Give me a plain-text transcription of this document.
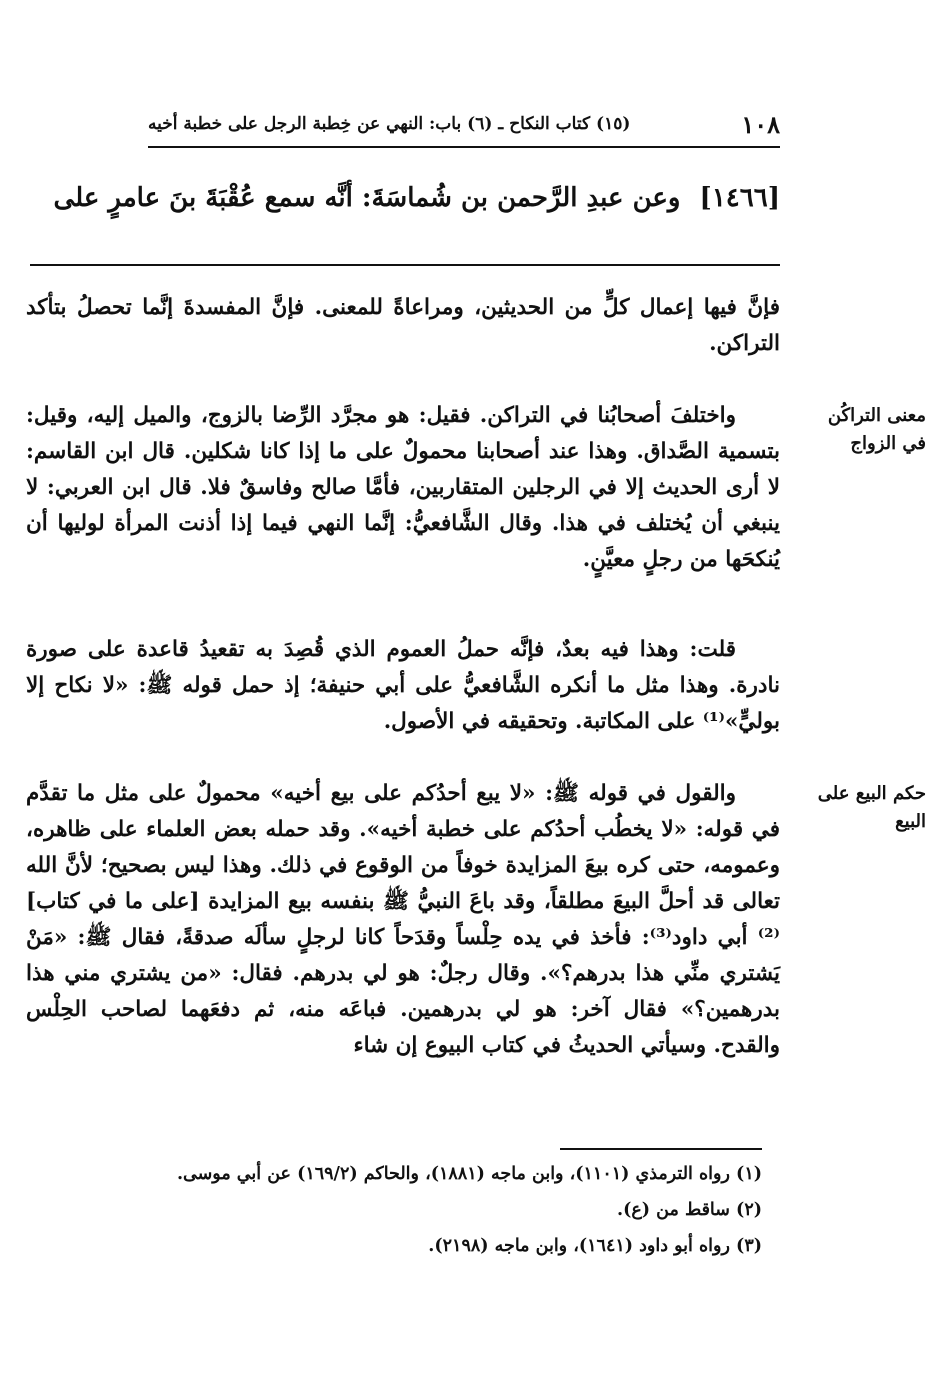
١٠٨
(١٥) كتاب النكاح ـ (٦) باب: النهي عن خِطبة الرجل على خطبة أخيه
[١٤٦٦] وعن عبدِ الرَّحمن بن شُماسَةَ: أنَّه سمع عُقْبَةَ بنَ عامرٍ على

فإنَّ فيها إعمال كلٍّ من الحديثين، ومراعاةً للمعنى. فإنَّ المفسدةَ إنَّما تحصلُ بتأكد التراكن.

واختلفَ أصحابُنا في التراكن. فقيل: هو مجرَّد الرِّضا بالزوج، والميل إليه، وقيل: بتسمية الصَّداق. وهذا عند أصحابنا محمولٌ على ما إذا كانا شكلين. قال ابن القاسم: لا أرى الحديث إلا في الرجلين المتقاربين، فأمَّا صالح وفاسقٌ فلا. قال ابن العربي: لا ينبغي أن يُختلف في هذا. وقال الشَّافعيُّ: إنَّما النهي فيما إذا أذنت المرأة لوليها أن يُنكحَها من رجلٍ معيَّنٍ.

قلت: وهذا فيه بعدٌ، فإنَّه حملُ العموم الذي قُصِدَ به تقعيدُ قاعدة على صورة نادرة. وهذا مثل ما أنكره الشَّافعيُّ على أبي حنيفة؛ إذ حمل قوله ﷺ: «لا نكاح إلا بوليٍّ»⁽¹⁾ على المكاتبة. وتحقيقه في الأصول.

والقول في قوله ﷺ: «لا يبع أحدُكم على بيع أخيه» محمولٌ على مثل ما تقدَّم في قوله: «لا يخطُب أحدُكم على خطبة أخيه». وقد حمله بعض العلماء على ظاهره، وعمومه، حتى كره بيعَ المزايدة خوفاً من الوقوع في ذلك. وهذا ليس بصحيح؛ لأنَّ الله تعالى قد أحلَّ البيعَ مطلقاً، وقد باعَ النبيُّ ﷺ بنفسه بيع المزايدة [على ما في كتاب]⁽²⁾ أبي داود⁽³⁾: فأخذ في يده حِلْساً وقدَحاً كانا لرجلٍ سألَه صدقةً، فقال ﷺ: «مَنْ يَشتري منِّي هذا بدرهم؟». وقال رجلٌ: هو لي بدرهم. فقال: «من يشتري مني هذا بدرهمين؟» فقال آخر: هو لي بدرهمين. فباعَه منه، ثم دفعَهما لصاحب الحِلْس والقدح. وسيأتي الحديثُ في كتاب البيوع إن شاء

معنى التراكُن في الزواج
حكم البيع على البيع
(١) رواه الترمذي (١١٠١)، وابن ماجه (١٨٨١)، والحاكم (١٦٩/٢) عن أبي موسى.
(٢) ساقط من (ع).
(٣) رواه أبو داود (١٦٤١)، وابن ماجه (٢١٩٨).
